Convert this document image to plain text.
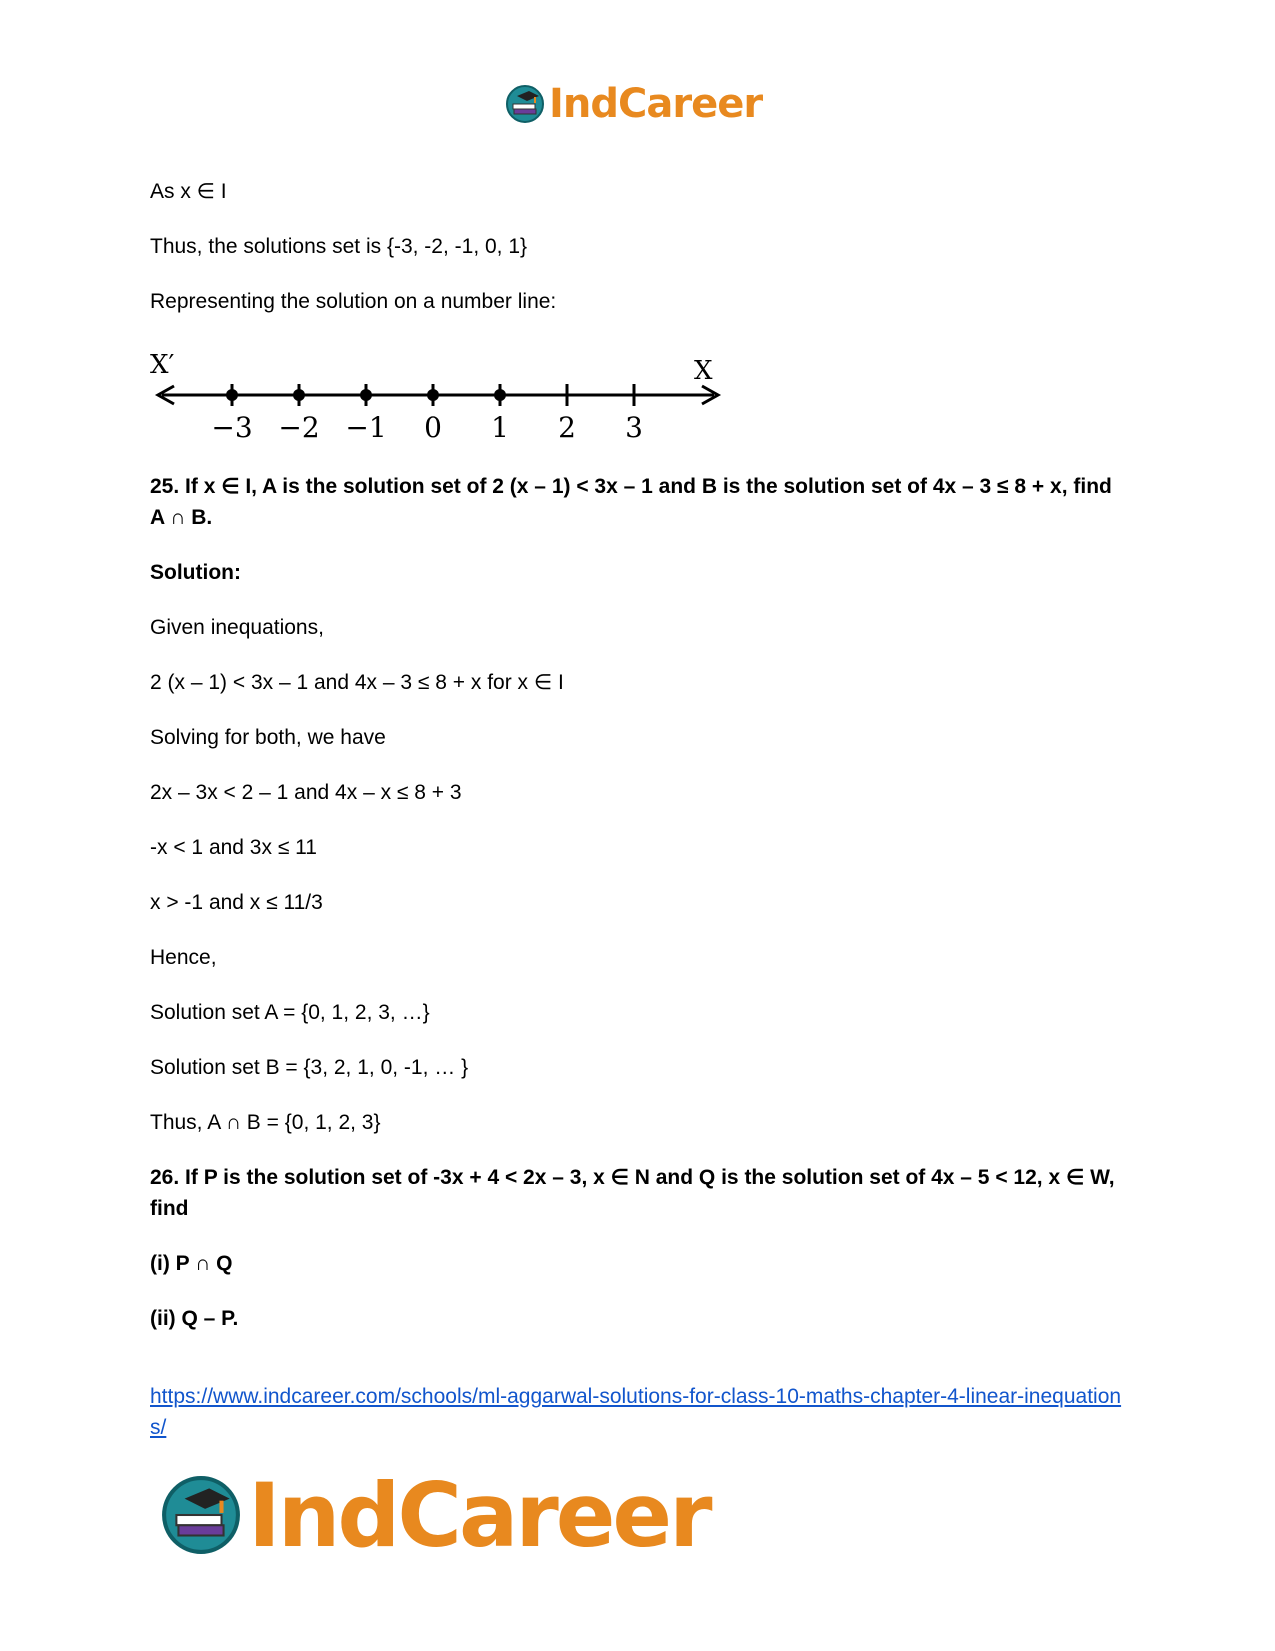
IndCareer

As x ∈ I

Thus, the solutions set is {-3, -2, -1, 0, 1}

Representing the solution on a number line:

X′	X
−3 −2 −1 0 1 2 3

25. If x ∈ I, A is the solution set of 2 (x – 1) < 3x – 1 and B is the solution set of 4x – 3 ≤ 8 + x, find A ∩ B.

Solution:

Given inequations,

2 (x – 1) < 3x – 1 and 4x – 3 ≤ 8 + x for x ∈ I

Solving for both, we have

2x – 3x < 2 – 1 and 4x – x ≤ 8 + 3

-x < 1 and 3x ≤ 11

x > -1 and x ≤ 11/3

Hence,

Solution set A = {0, 1, 2, 3, …}

Solution set B = {3, 2, 1, 0, -1, … }

Thus, A ∩ B = {0, 1, 2, 3}

26. If P is the solution set of -3x + 4 < 2x – 3, x ∈ N and Q is the solution set of 4x – 5 < 12, x ∈ W, find

(i) P ∩ Q

(ii) Q – P.

https://www.indcareer.com/schools/ml-aggarwal-solutions-for-class-10-maths-chapter-4-linear-inequations/
IndCareer
